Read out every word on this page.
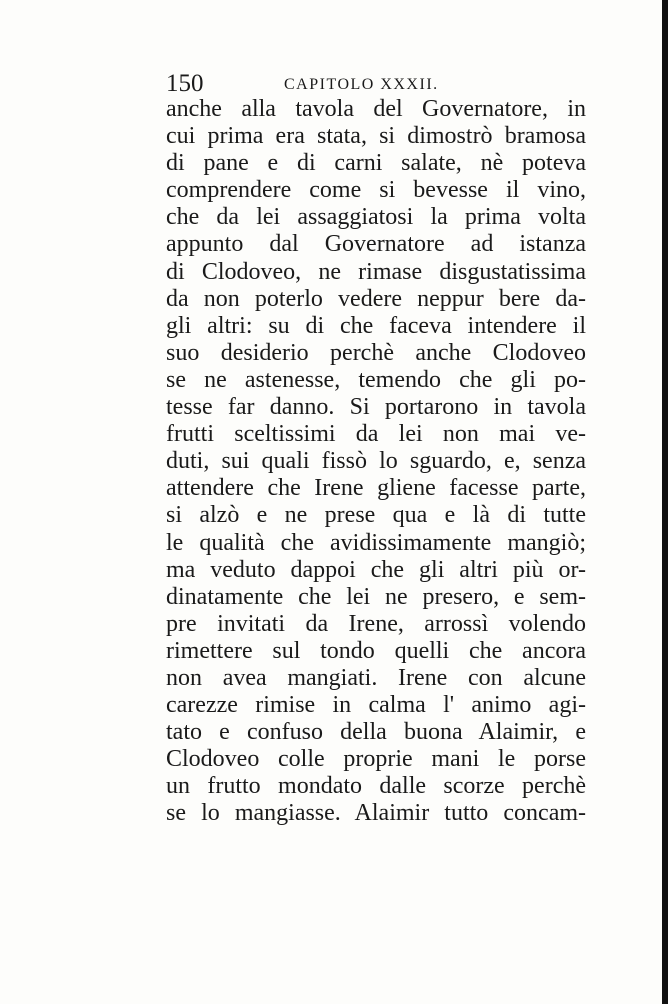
150	CAPITOLO XXXII.
anche alla tavola del Governatore, in
cui prima era stata, si dimostrò bramosa
di pane e di carni salate, nè poteva
comprendere come si bevesse il vino,
che da lei assaggiatosi la prima volta
appunto dal Governatore ad istanza
di Clodoveo, ne rimase disgustatissima
da non poterlo vedere neppur bere da-
gli altri: su di che faceva intendere il
suo desiderio perchè anche Clodoveo
se ne astenesse, temendo che gli po-
tesse far danno. Si portarono in tavola
frutti sceltissimi da lei non mai ve-
duti, sui quali fissò lo sguardo, e, senza
attendere che Irene gliene facesse parte,
si alzò e ne prese qua e là di tutte
le qualità che avidissimamente mangiò;
ma veduto dappoi che gli altri più or-
dinatamente che lei ne presero, e sem-
pre invitati da Irene, arrossì volendo
rimettere sul tondo quelli che ancora
non avea mangiati. Irene con alcune
carezze rimise in calma l' animo agi-
tato e confuso della buona Alaimir, e
Clodoveo colle proprie mani le porse
un frutto mondato dalle scorze perchè
se lo mangiasse. Alaimir tutto concam-
